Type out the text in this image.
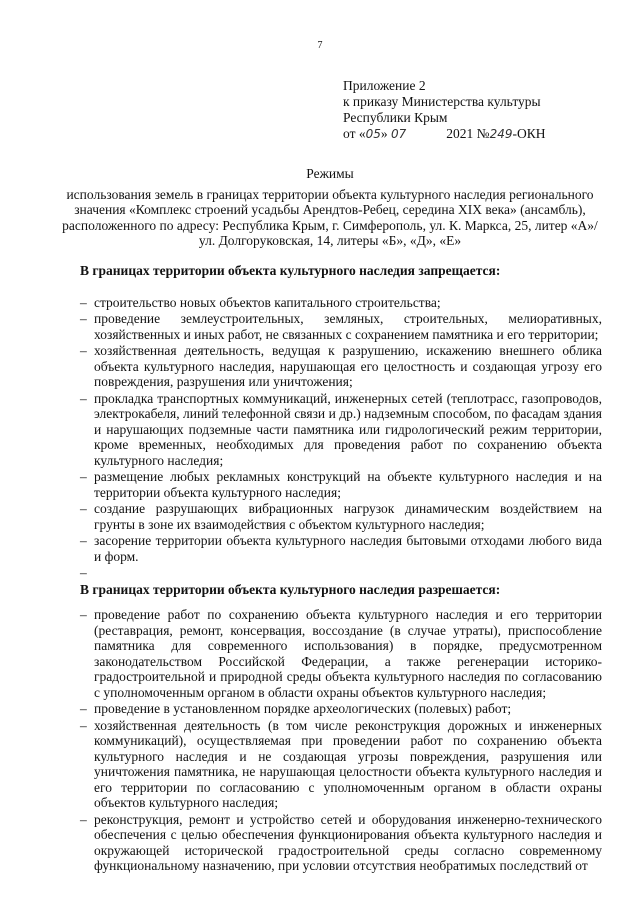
7
Приложение 2
к приказу Министерства культуры
Республики Крым
от «05» 07	2021 №249-ОКН
Режимы
использования земель в границах территории объекта культурного наследия регионального
значения «Комплекс строений усадьбы Арендтов-Ребец, середина XIX века» (ансамбль),
расположенного по адресу: Республика Крым, г. Симферополь, ул. К. Маркса, 25, литер «А»/
ул. Долгоруковская, 14, литеры «Б», «Д», «Е»
В границах территории объекта культурного наследия запрещается:
– строительство новых объектов капитального строительства;
– проведение землеустроительных, земляных, строительных, мелиоративных, хозяйственных и иных работ, не связанных с сохранением памятника и его территории;
– хозяйственная деятельность, ведущая к разрушению, искажению внешнего облика объекта культурного наследия, нарушающая его целостность и создающая угрозу его повреждения, разрушения или уничтожения;
– прокладка транспортных коммуникаций, инженерных сетей (теплотрасс, газопроводов, электрокабеля, линий телефонной связи и др.) надземным способом, по фасадам здания и нарушающих подземные части памятника или гидрологический режим территории, кроме временных, необходимых для проведения работ по сохранению объекта культурного наследия;
– размещение любых рекламных конструкций на объекте культурного наследия и на территории объекта культурного наследия;
– создание разрушающих вибрационных нагрузок динамическим воздействием на грунты в зоне их взаимодействия с объектом культурного наследия;
– засорение территории объекта культурного наследия бытовыми отходами любого вида и форм.
–
В границах территории объекта культурного наследия разрешается:
– проведение работ по сохранению объекта культурного наследия и его территории (реставрация, ремонт, консервация, воссоздание (в случае утраты), приспособление памятника для современного использования) в порядке, предусмотренном законодательством Российской Федерации, а также регенерации историко-градостроительной и природной среды объекта культурного наследия по согласованию с уполномоченным органом в области охраны объектов культурного наследия;
– проведение в установленном порядке археологических (полевых) работ;
– хозяйственная деятельность (в том числе реконструкция дорожных и инженерных коммуникаций), осуществляемая при проведении работ по сохранению объекта культурного наследия и не создающая угрозы повреждения, разрушения или уничтожения памятника, не нарушающая целостности объекта культурного наследия и его территории по согласованию с уполномоченным органом в области охраны объектов культурного наследия;
– реконструкция, ремонт и устройство сетей и оборудования инженерно-технического обеспечения с целью обеспечения функционирования объекта культурного наследия и окружающей исторической градостроительной среды согласно современному функциональному назначению, при условии отсутствия необратимых последствий от
